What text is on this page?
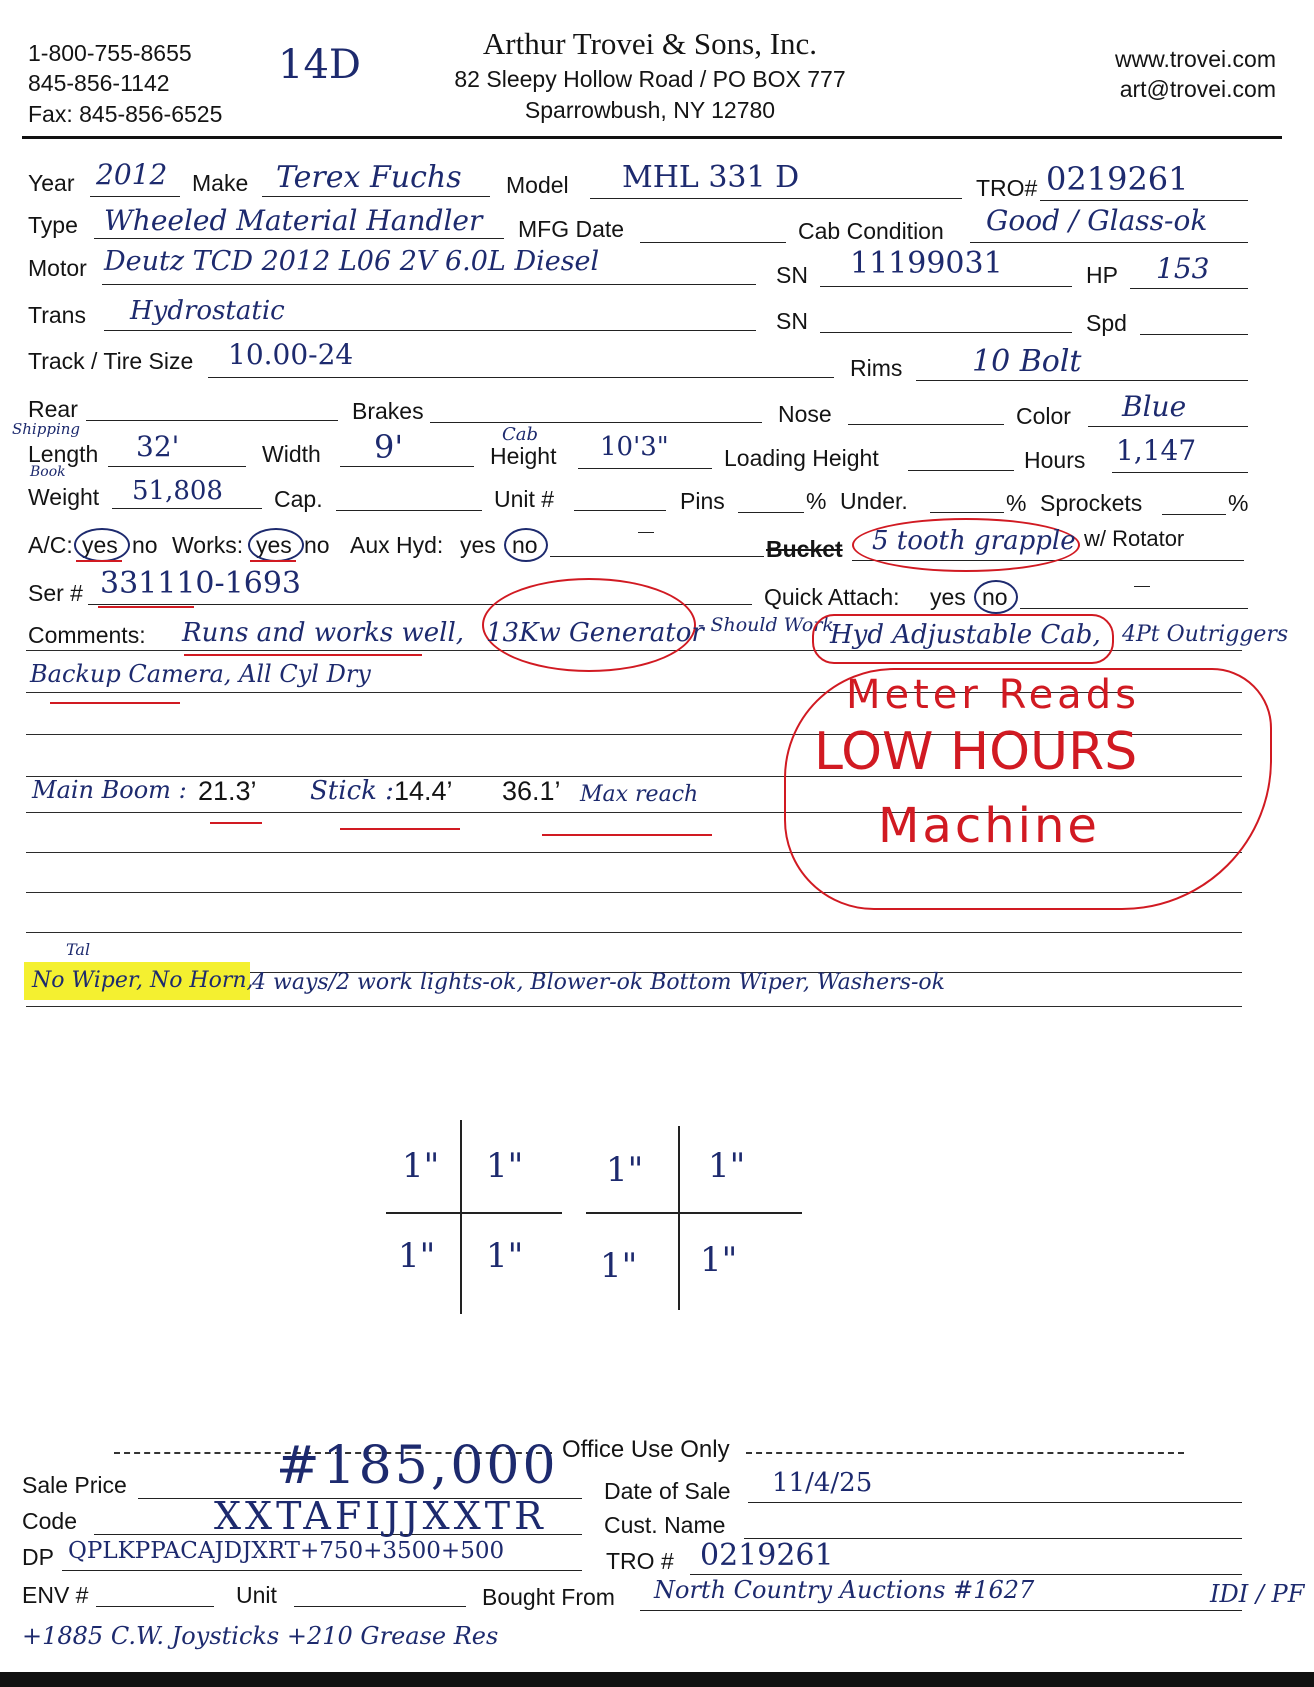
1-800-755-8655
845-856-1142
Fax: 845-856-6525
14D	Arthur Trovei & Sons, Inc.
82 Sleepy Hollow Road / PO BOX 777
Sparrowbush, NY 12780
www.trovei.com
art@trovei.com
Year 2012 Make Terex Fuchs Model MHL 331 D	TRO# 0219261
Type Wheeled Material Handler MFG Date	Cab Condition Good / Glass-ok
Motor Deutz TCD 2012 L06 2V 6.0L Diesel	SN 11199031	HP 153
Trans Hydrostatic	SN	Spd
Track / Tire Size 10.00-24	Rims 10 Bolt
Rear	Brakes	Nose	Color Blue
Shipping
Length 32'	Width 9'	Cab
Height 10'3" Loading Height	Hours 1,147
Book
Weight 51,808 Cap.	Unit #	Pins	% Under.	% Sprockets	%
A/C: yes no Works: yes no Aux Hyd: yes no	Bucket 5 tooth grapple w/ Rotator
Ser # 331110-1693	Quick Attach: yes no
Comments: Runs and works well, 13Kw Generator
- Should Work
Hyd Adjustable Cab, 4Pt Outriggers
Backup Camera, All Cyl Dry
Main Boom : 21.3’ Stick : 14.4’ 36.1’ Max reach
Meter Reads
LOW HOURS
Machine
Tal
No Wiper, No Horn,
4 ways/2 work lights-ok, Blower-ok Bottom Wiper, Washers-ok
1" 1" 1" 1"
1" 1" 1" 1"
Office Use Only
Sale Price	#185,000 Date of Sale 11/4/25
Code	XXTAFIJJXXTR Cust. Name
DP QPLKPPACAJDJXRT+750+3500+500	TRO # 0219261
ENV #	Unit	Bought From North Country Auctions #1627	IDI / PF
+1885 C.W. Joysticks +210 Grease Res
